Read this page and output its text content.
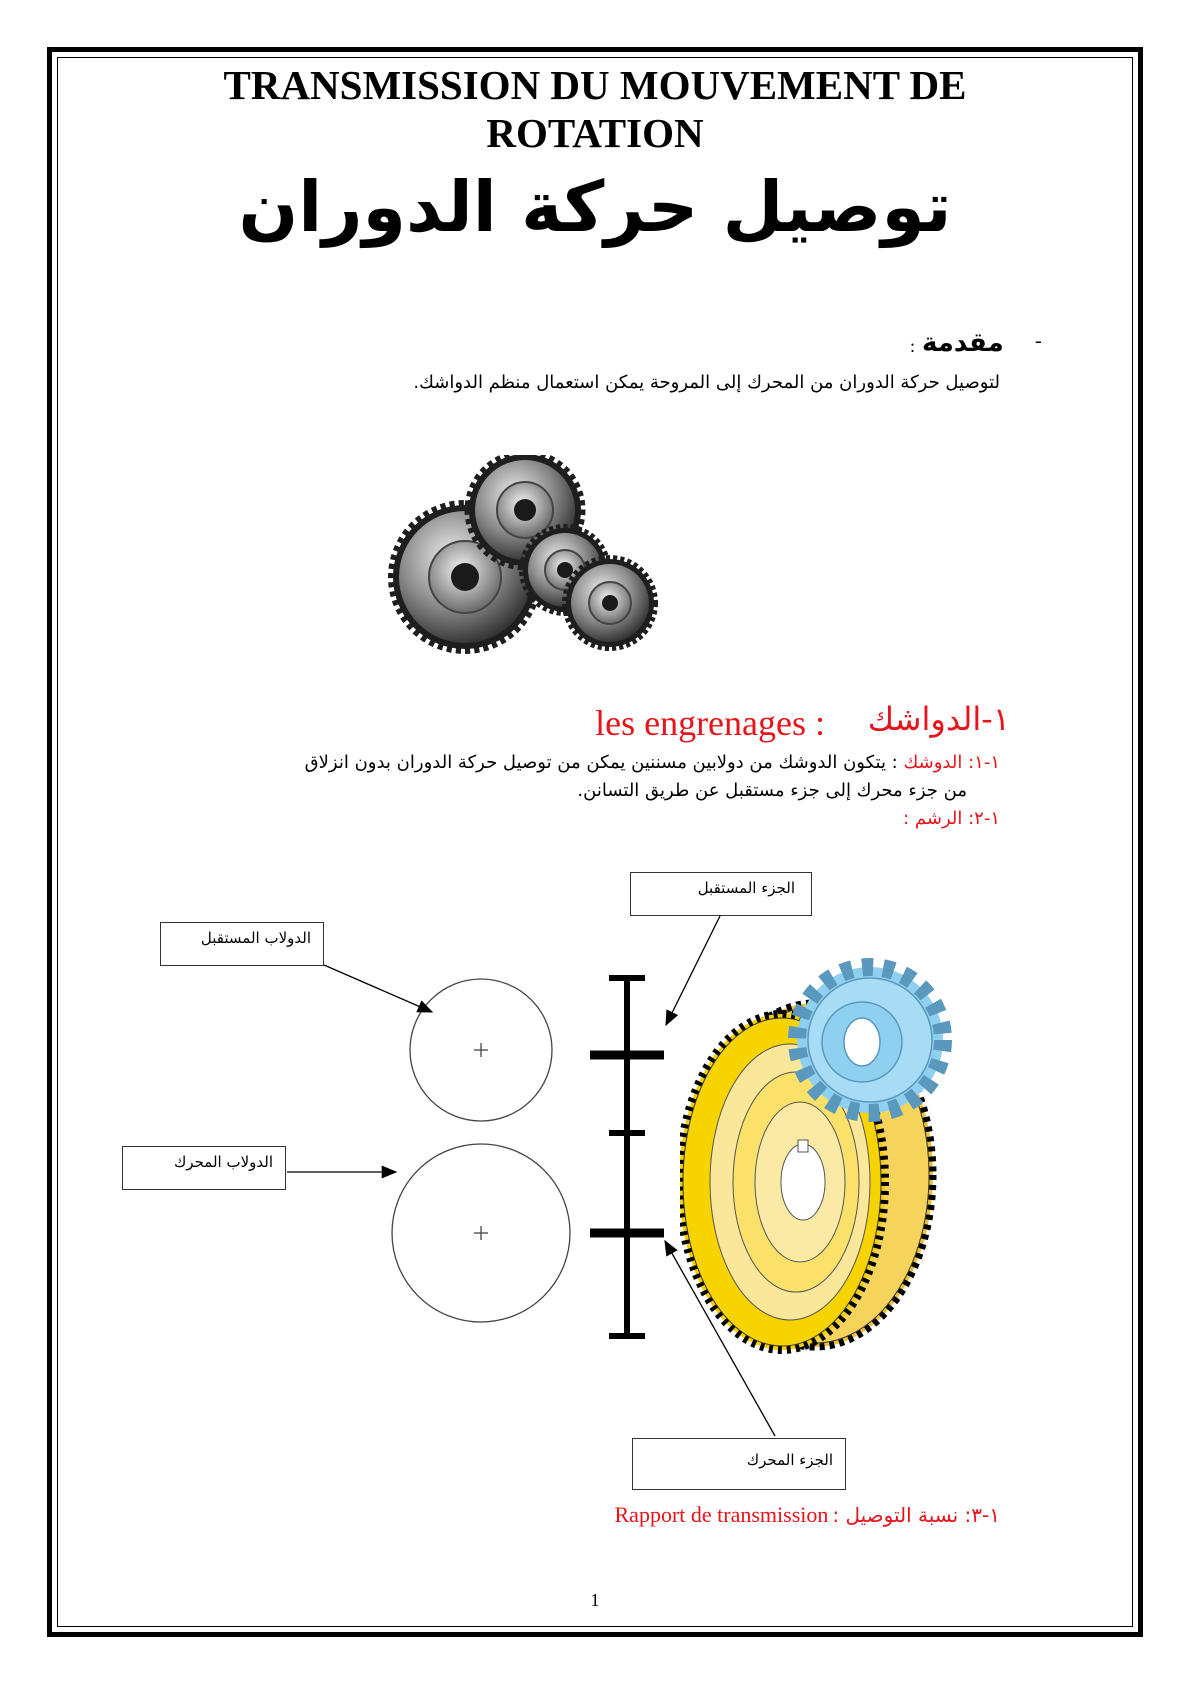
TRANSMISSION DU MOUVEMENT DE
ROTATION
توصيل حركة الدوران
-
مقدمة
:
لتوصيل حركة الدوران من المحرك إلى المروحة يمكن استعمال منظم الدواشك.
les engrenages : ١-الدواشك
١-١: الدوشك : يتكون الدوشك من دولابين مسننين يمكن من توصيل حركة الدوران بدون انزلاق
من جزء محرك إلى جزء مستقبل عن طريق التسانن.
١-٢: الرشم :
الجزء المستقبل
الدولاب المستقبل
الدولاب المحرك
الجزء المحرك
Rapport de transmission ١-٣: نسبة التوصيل :
1
